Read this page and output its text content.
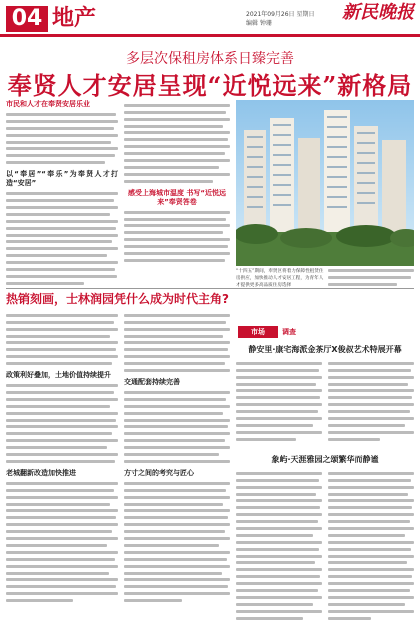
04 地产	2021年09月26日 星期日
编辑 钟珊
新民晚报
多层次保租房体系日臻完善
奉贤人才安居呈现“近悦远来”新格局
市民和人才在奉贤安居乐业
以“奉居”“奉乐”为奉贤人才打造“安居”
感受上海城市温度 书写“近悦远来”奉贤答卷
“十四五”期间，奉贤区将着力保障性租赁住房供应，加快推动人才安居工程，为青年人才提供更多高品质住房选择
热销刻画，士林润园凭什么成为时代主角?
政策利好叠加，土地价值持续提升
老城翻新改造加快推进
交通配套持续完善
方寸之间的考究与匠心
市场	调查
静安里·康宅海派金茶厅X俊叔艺术特展开幕
象屿·天涯雅园之颂繁华而静谧
